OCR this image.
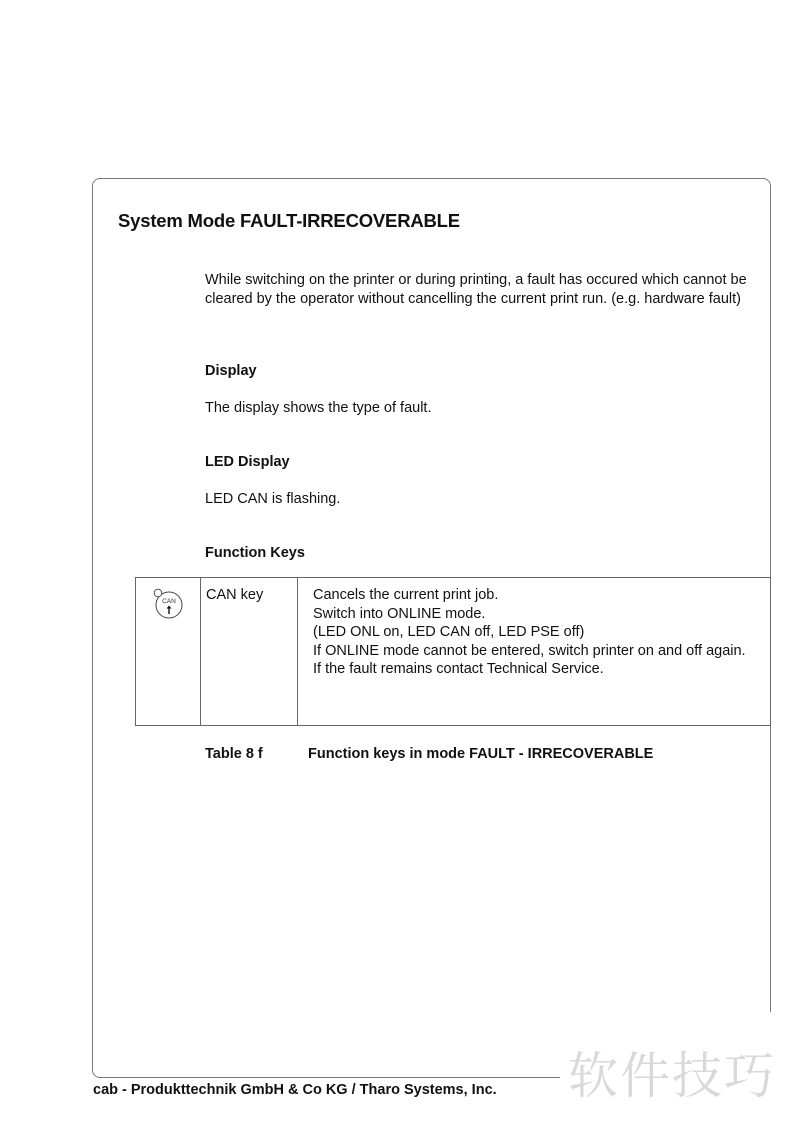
System Mode FAULT-IRRECOVERABLE
While switching on the printer or during printing, a fault has occured which cannot be cleared by the operator without cancelling the current print run. (e.g. hardware fault)
Display
The display shows the type of fault.
LED Display
LED CAN is flashing.
Function Keys
CAN	CAN key	Cancels the current print job.
Switch into ONLINE mode.
(LED ONL on, LED CAN off, LED PSE off)
If ONLINE mode cannot be entered, switch printer on and off again.
If the fault remains contact Technical Service.
Table 8 f	Function keys in mode FAULT - IRRECOVERABLE
cab - Produkttechnik GmbH & Co KG / Tharo Systems, Inc. 软件技巧
